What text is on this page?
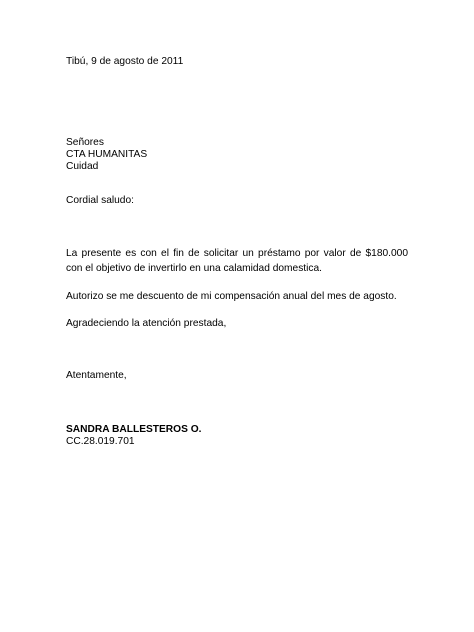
Tibú, 9 de agosto de 2011
Señores
CTA HUMANITAS
Cuidad
Cordial saludo:
La presente es con el fin de solicitar un préstamo por valor de $180.000 con el objetivo de invertirlo en una calamidad domestica.
Autorizo se me descuento de mi compensación anual del mes de agosto.
Agradeciendo la atención prestada,
Atentamente,
SANDRA BALLESTEROS O.
CC.28.019.701
